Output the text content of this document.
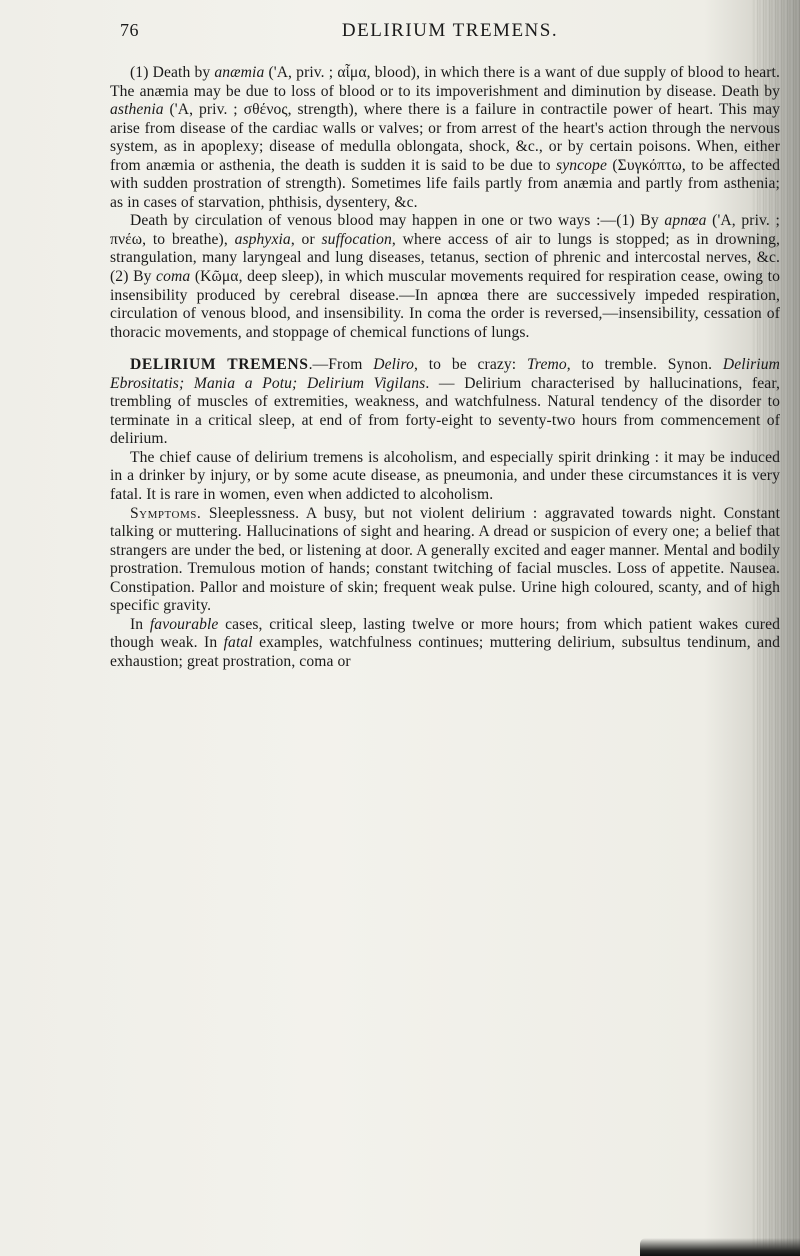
76	DELIRIUM TREMENS.

(1) Death by anæmia ('A, priv. ; αἷμα, blood), in which there is a want of due supply of blood to heart. The anæmia may be due to loss of blood or to its impoverishment and diminution by disease. Death by asthenia ('A, priv. ; σθένος, strength), where there is a failure in contractile power of heart. This may arise from disease of the cardiac walls or valves; or from arrest of the heart's action through the nervous system, as in apoplexy; disease of medulla oblongata, shock, &c., or by certain poisons. When, either from anæmia or asthenia, the death is sudden it is said to be due to syncope (Συγκόπτω, to be affected with sudden prostration of strength). Sometimes life fails partly from anæmia and partly from asthenia; as in cases of starvation, phthisis, dysentery, &c.

Death by circulation of venous blood may happen in one or two ways :—(1) By apnœa ('A, priv. ; πνέω, to breathe), asphyxia, or suffocation, where access of air to lungs is stopped; as in drowning, strangulation, many laryngeal and lung diseases, tetanus, section of phrenic and intercostal nerves, &c. (2) By coma (Κῶμα, deep sleep), in which muscular movements required for respiration cease, owing to insensibility produced by cerebral disease.—In apnœa there are successively impeded respiration, circulation of venous blood, and insensibility. In coma the order is reversed,—insensibility, cessation of thoracic movements, and stoppage of chemical functions of lungs.

DELIRIUM TREMENS.—From Deliro, to be crazy: Tremo, to tremble. Synon. Delirium Ebrositatis; Mania a Potu; Delirium Vigilans. — Delirium characterised by hallucinations, fear, trembling of muscles of extremities, weakness, and watchfulness. Natural tendency of the disorder to terminate in a critical sleep, at end of from forty-eight to seventy-two hours from commencement of delirium.

The chief cause of delirium tremens is alcoholism, and especially spirit drinking : it may be induced in a drinker by injury, or by some acute disease, as pneumonia, and under these circumstances it is very fatal. It is rare in women, even when addicted to alcoholism.

Symptoms. Sleeplessness. A busy, but not violent delirium : aggravated towards night. Constant talking or muttering. Hallucinations of sight and hearing. A dread or suspicion of every one; a belief that strangers are under the bed, or listening at door. A generally excited and eager manner. Mental and bodily prostration. Tremulous motion of hands; constant twitching of facial muscles. Loss of appetite. Nausea. Constipation. Pallor and moisture of skin; frequent weak pulse. Urine high coloured, scanty, and of high specific gravity.

In favourable cases, critical sleep, lasting twelve or more hours; from which patient wakes cured though weak. In fatal examples, watchfulness continues; muttering delirium, subsultus tendinum, and exhaustion; great prostration, coma or
